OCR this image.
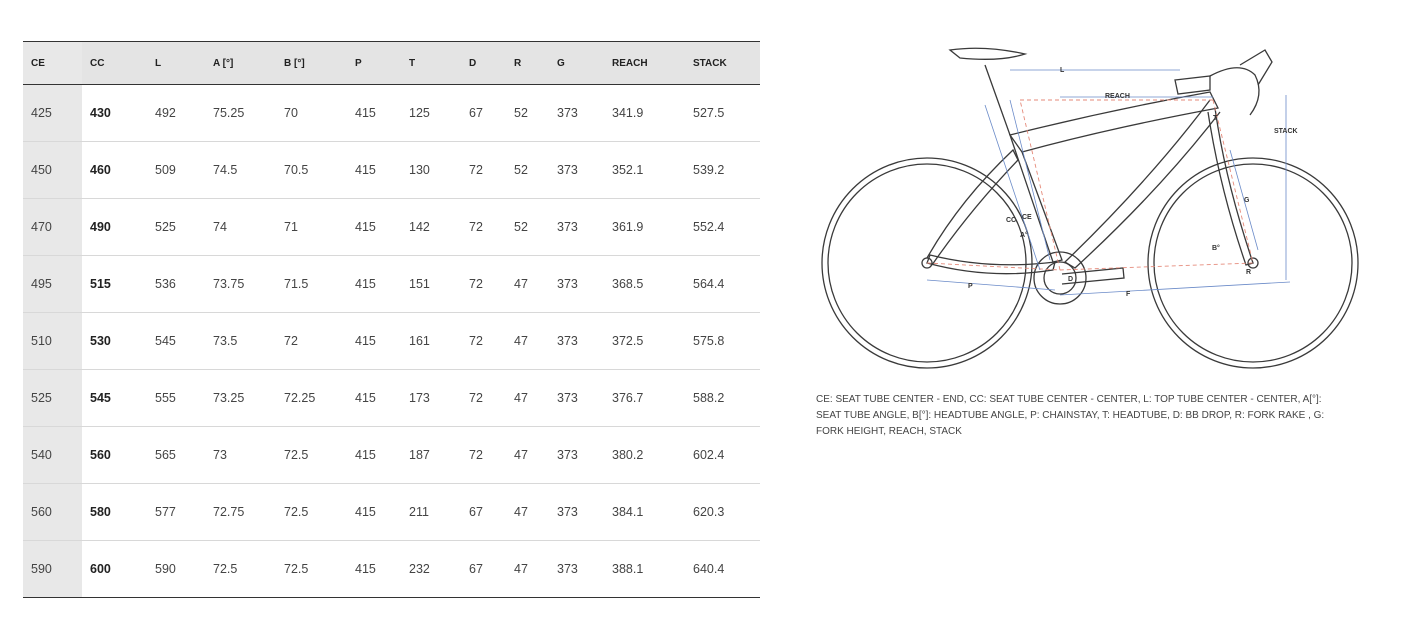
CE	CC	L	A [°]	B [°]	P	T	D	R	G	REACH	STACK
425	430	492	75.25	70	415	125	67	52	373	341.9	527.5
450	460	509	74.5	70.5	415	130	72	52	373	352.1	539.2
470	490	525	74	71	415	142	72	52	373	361.9	552.4
495	515	536	73.75	71.5	415	151	72	47	373	368.5	564.4
510	530	545	73.5	72	415	161	72	47	373	372.5	575.8
525	545	555	73.25	72.25	415	173	72	47	373	376.7	588.2
540	560	565	73	72.5	415	187	72	47	373	380.2	602.4
560	580	577	72.75	72.5	415	211	67	47	373	384.1	620.3
590	600	590	72.5	72.5	415	232	67	47	373	388.1	640.4
L
REACH
STACK
T
G
CC CE
A°
B°
D
P
F
R
CE: SEAT TUBE CENTER - END, CC: SEAT TUBE CENTER - CENTER, L: TOP TUBE CENTER - CENTER, A[°]: SEAT TUBE ANGLE, B[°]: HEADTUBE ANGLE, P: CHAINSTAY, T: HEADTUBE, D: BB DROP, R: FORK RAKE , G: FORK HEIGHT, REACH, STACK
